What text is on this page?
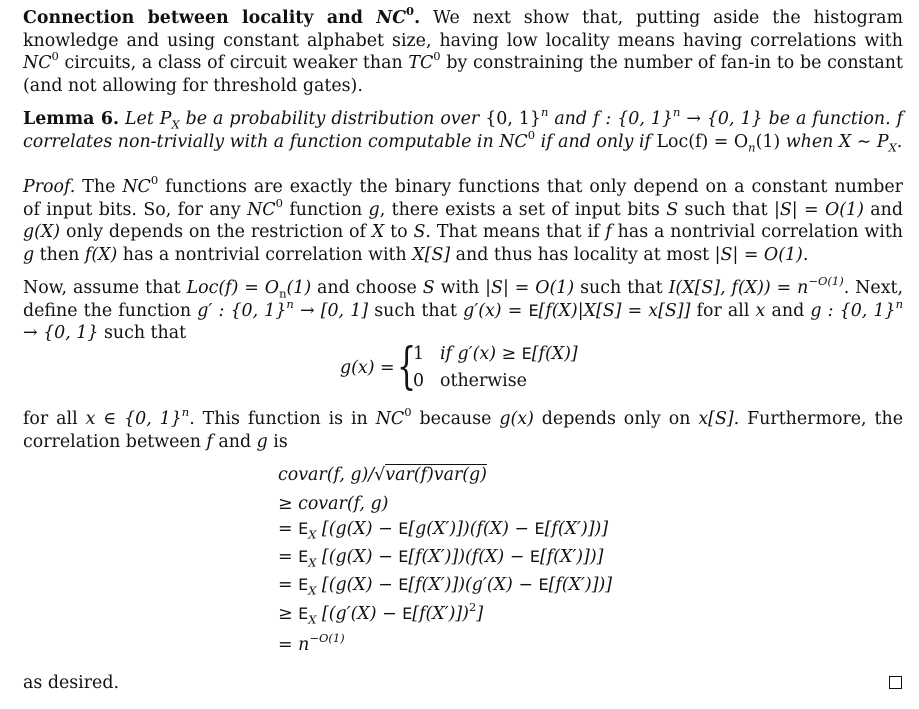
Connection between locality and $NC^0$. We next show that, putting aside the histogram knowledge and using constant alphabet size, having low locality means having correlations with $NC^0$ circuits, a class of circuit weaker than $TC^0$ by constraining the number of fan-in to be constant (and not allowing for threshold gates).
Lemma 6. Let $P_X$ be a probability distribution over {0, 1}$^n$ and f : {0, 1}$^n$ → {0, 1} be a function. f correlates non-trivially with a function computable in $NC^0$ if and only if $Loc(f) = O_n(1)$ when X ∼ $P_X$.
Proof. The $NC^0$ functions are exactly the binary functions that only depend on a constant number of input bits. So, for any $NC^0$ function g, there exists a set of input bits S such that |S| = O(1) and g(X) only depends on the restriction of X to S. That means that if f has a nontrivial correlation with g then f(X) has a nontrivial correlation with X[S] and thus has locality at most |S| = O(1).
Now, assume that $Loc(f) = O_n(1)$ and choose S with |S| = O(1) such that I(X[S], $f(X)) = n^{-O(1)}$. Next, define the function g′ : {0, 1}$^n$ → [0, 1] such that g′(x) = E[f(X)|X[S] = x[S]] for all x and g : {0, 1}$^n$ → {0, 1} such that
g(x) = {
1 if g′(x) ≥ E[f(X)]
0 otherwise
for all x ∈ {0, 1}$^n$. This function is in $NC^0$ because g(x) depends only on x[S]. Furthermore, the correlation between f and g is
covar(f, g)/√var(f)var(g)
≥ covar(f, g)
= $E_X$ [(g(X) − E[g(X′)])(f(X) − E[f(X′)])]
= $E_X$ [(g(X) − E[f(X′)])(f(X) − E[f(X′)])]
= $E_X$ [(g(X) − E[f(X′)])(g′(X) − E[f(X′)])]
≥ $E_X$ $[(g'(X) - E[f(X')])^2]$
= $n^{-O(1)}$
as desired.
